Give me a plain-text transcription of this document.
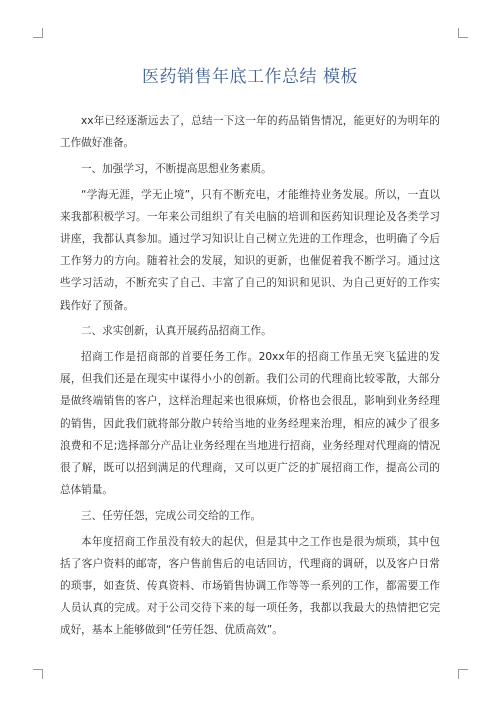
医药销售年底工作总结 模板

xx年已经逐渐远去了，总结一下这一年的药品销售情况，能更好的为明年的工作做好准备。

一、加强学习，不断提高思想业务素质。

“学海无涯，学无止境”，只有不断充电，才能维持业务发展。所以，一直以来我都积极学习。一年来公司组织了有关电脑的培训和医药知识理论及各类学习讲座，我都认真参加。通过学习知识让自己树立先进的工作理念，也明确了今后工作努力的方向。随着社会的发展，知识的更新，也催促着我不断学习。通过这些学习活动，不断充实了自己、丰富了自己的知识和见识、为自己更好的工作实践作好了预备。

二、求实创新，认真开展药品招商工作。

招商工作是招商部的首要任务工作。20xx年的招商工作虽无突飞猛进的发展，但我们还是在现实中谋得小小的创新。我们公司的代理商比较零散，大部分是做终端销售的客户，这样治理起来也很麻烦，价格也会很乱，影响到业务经理的销售，因此我们就将部分散户转给当地的业务经理来治理，相应的减少了很多浪费和不足;选择部分产品让业务经理在当地进行招商，业务经理对代理商的情况很了解，既可以招到满足的代理商，又可以更广泛的扩展招商工作，提高公司的总体销量。

三、任劳任怨，完成公司交给的工作。

本年度招商工作虽没有较大的起伏，但是其中之工作也是很为烦琐，其中包括了客户资料的邮寄，客户售前售后的电话回访，代理商的调研，以及客户日常的琐事，如查货、传真资料、市场销售协调工作等等一系列的工作，都需要工作人员认真的完成。对于公司交待下来的每一项任务，我都以我最大的热情把它完成好，基本上能够做到“任劳任怨、优质高效”。
